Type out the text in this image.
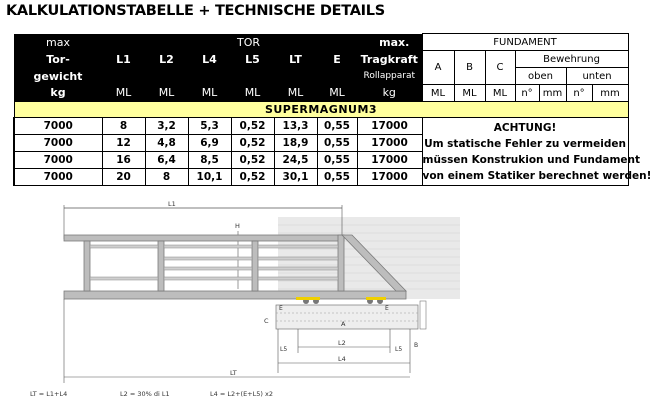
KALKULATIONSTABELLE + TECHNISCHE DETAILS
max	TOR						max.	FUNDAMENT						
Tor-	L1	L2	L4	L5	LT	E	Tragkraft	A	B	C	Bewehrung			
gewicht							Rollapparat				oben		unten	
kg	ML	ML	ML	ML	ML	ML	kg	ML	ML	ML	n°	mm	n°	mm
SUPERMAGNUM3														
7000	8	3,2	5,3	0,52	13,3	0,55	17000	ACHTUNG!
Um statische Fehler zu vermeiden
müssen Konstrukion und Fundament
von einem Statiker berechnet werden!						

7000	12	4,8	6,9	0,52	18,9	0,55	17000							
7000	16	6,4	8,5	0,52	24,5	0,55	17000							
7000	20	8	10,1	0,52	30,1	0,55	17000							
L1
H
C
E
A
E
L5
L2
L5
B
L4
LT
LT = L1+L4	L2 = 30% di L1	L4 = L2+(E+L5) x2
